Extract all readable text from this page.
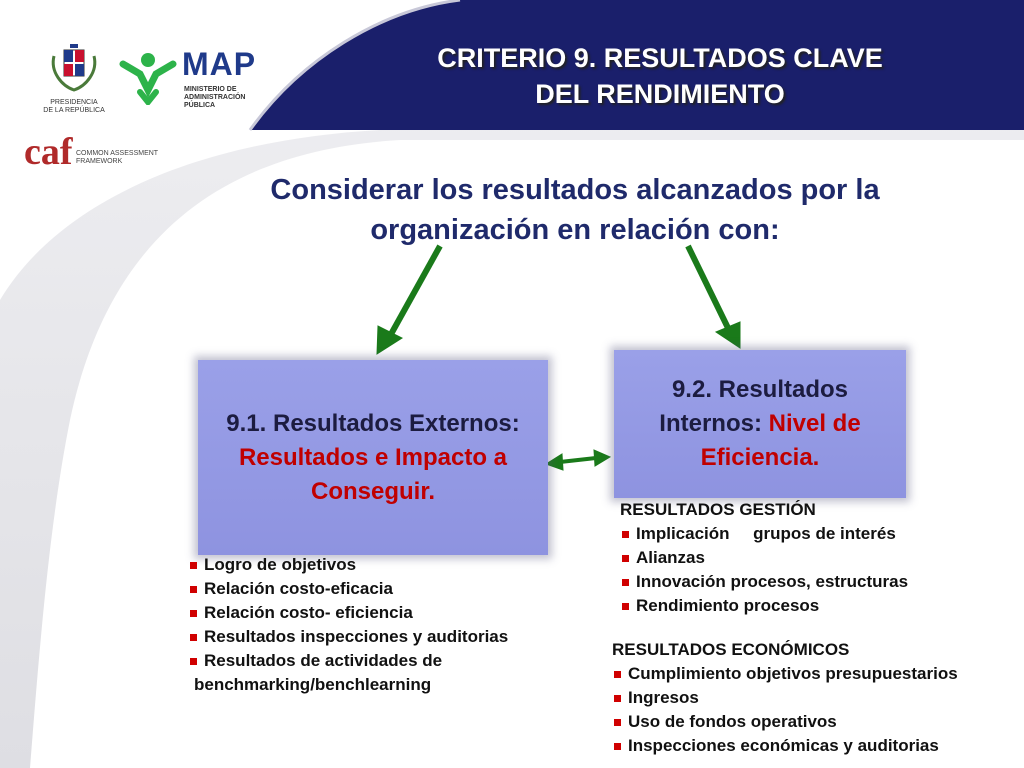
CRITERIO 9. RESULTADOS CLAVE
DEL RENDIMIENTO
PRESIDENCIA
DE LA REPÚBLICA
MAP
MINISTERIO DE
ADMINISTRACIÓN
PÚBLICA
caf COMMON ASSESSMENT
FRAMEWORK
Considerar los resultados alcanzados por la
organización en relación con:
9.1. Resultados Externos:
Resultados e Impacto a
Conseguir.
9.2. Resultados
Internos: Nivel de
Eficiencia.
Logro de objetivos
Relación costo-eficacia
Relación costo- eficiencia
Resultados inspecciones y auditorias
Resultados de actividades de
benchmarking/benchlearning
RESULTADOS GESTIÓN
Implicación     grupos de interés
Alianzas
Innovación procesos, estructuras
Rendimiento procesos
RESULTADOS ECONÓMICOS
Cumplimiento objetivos presupuestarios
Ingresos
Uso de fondos operativos
Inspecciones económicas y auditorias
